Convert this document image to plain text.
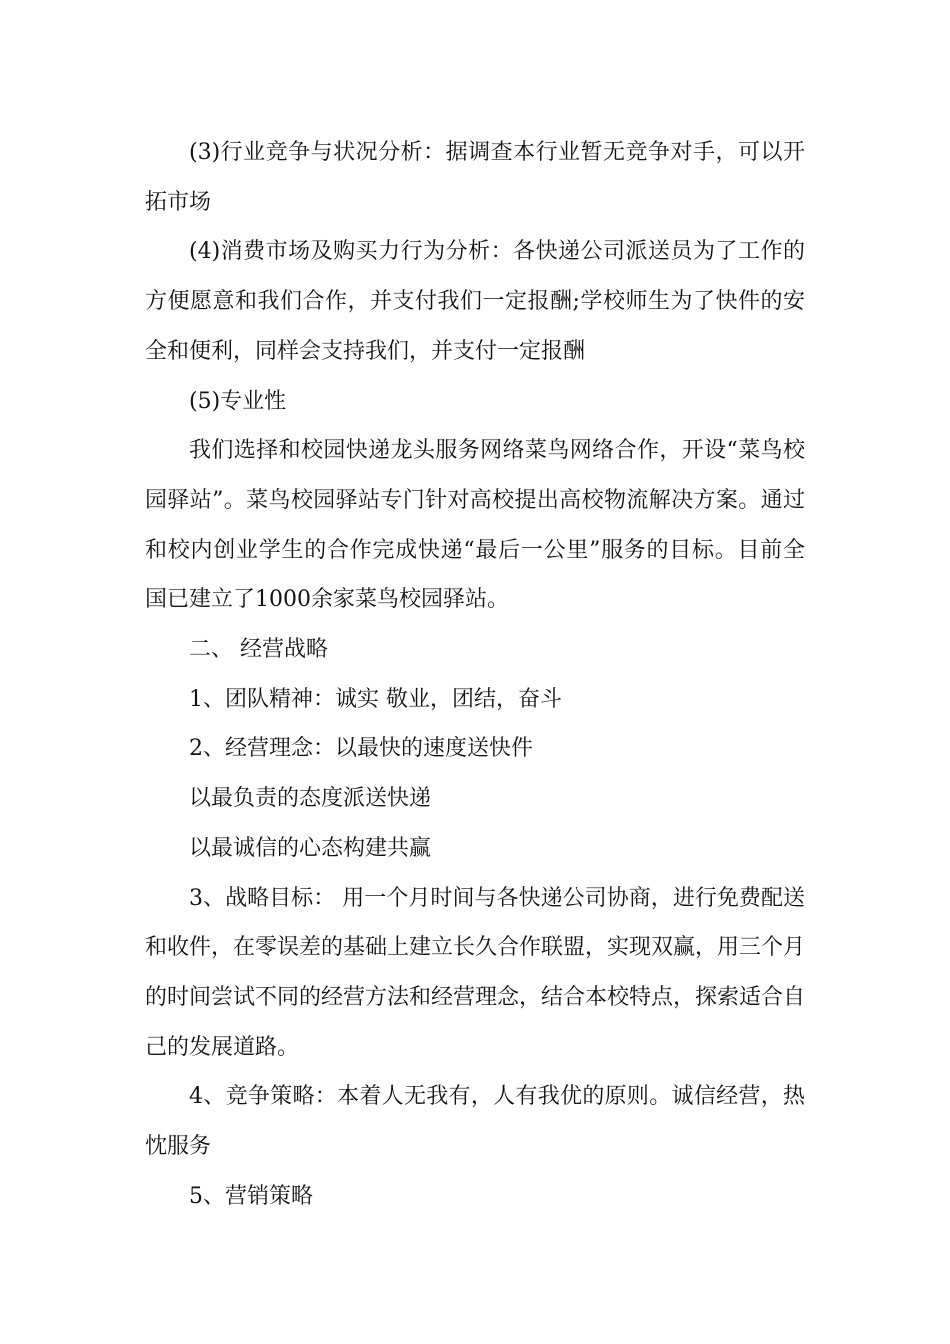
(3)行业竞争与状况分析：据调查本行业暂无竞争对手，可以开拓市场

(4)消费市场及购买力行为分析：各快递公司派送员为了工作的方便愿意和我们合作，并支付我们一定报酬;学校师生为了快件的安全和便利，同样会支持我们，并支付一定报酬

(5)专业性

我们选择和校园快递龙头服务网络菜鸟网络合作，开设“菜鸟校园驿站”。菜鸟校园驿站专门针对高校提出高校物流解决方案。通过和校内创业学生的合作完成快递“最后一公里”服务的目标。目前全国已建立了1000余家菜鸟校园驿站。

二、 经营战略

1、团队精神：诚实 敬业，团结，奋斗

2、经营理念：以最快的速度送快件

以最负责的态度派送快递

以最诚信的心态构建共赢

3、战略目标： 用一个月时间与各快递公司协商，进行免费配送和收件，在零误差的基础上建立长久合作联盟，实现双赢，用三个月的时间尝试不同的经营方法和经营理念，结合本校特点，探索适合自己的发展道路。

4、竞争策略：本着人无我有，人有我优的原则。诚信经营，热忱服务

5、营销策略
